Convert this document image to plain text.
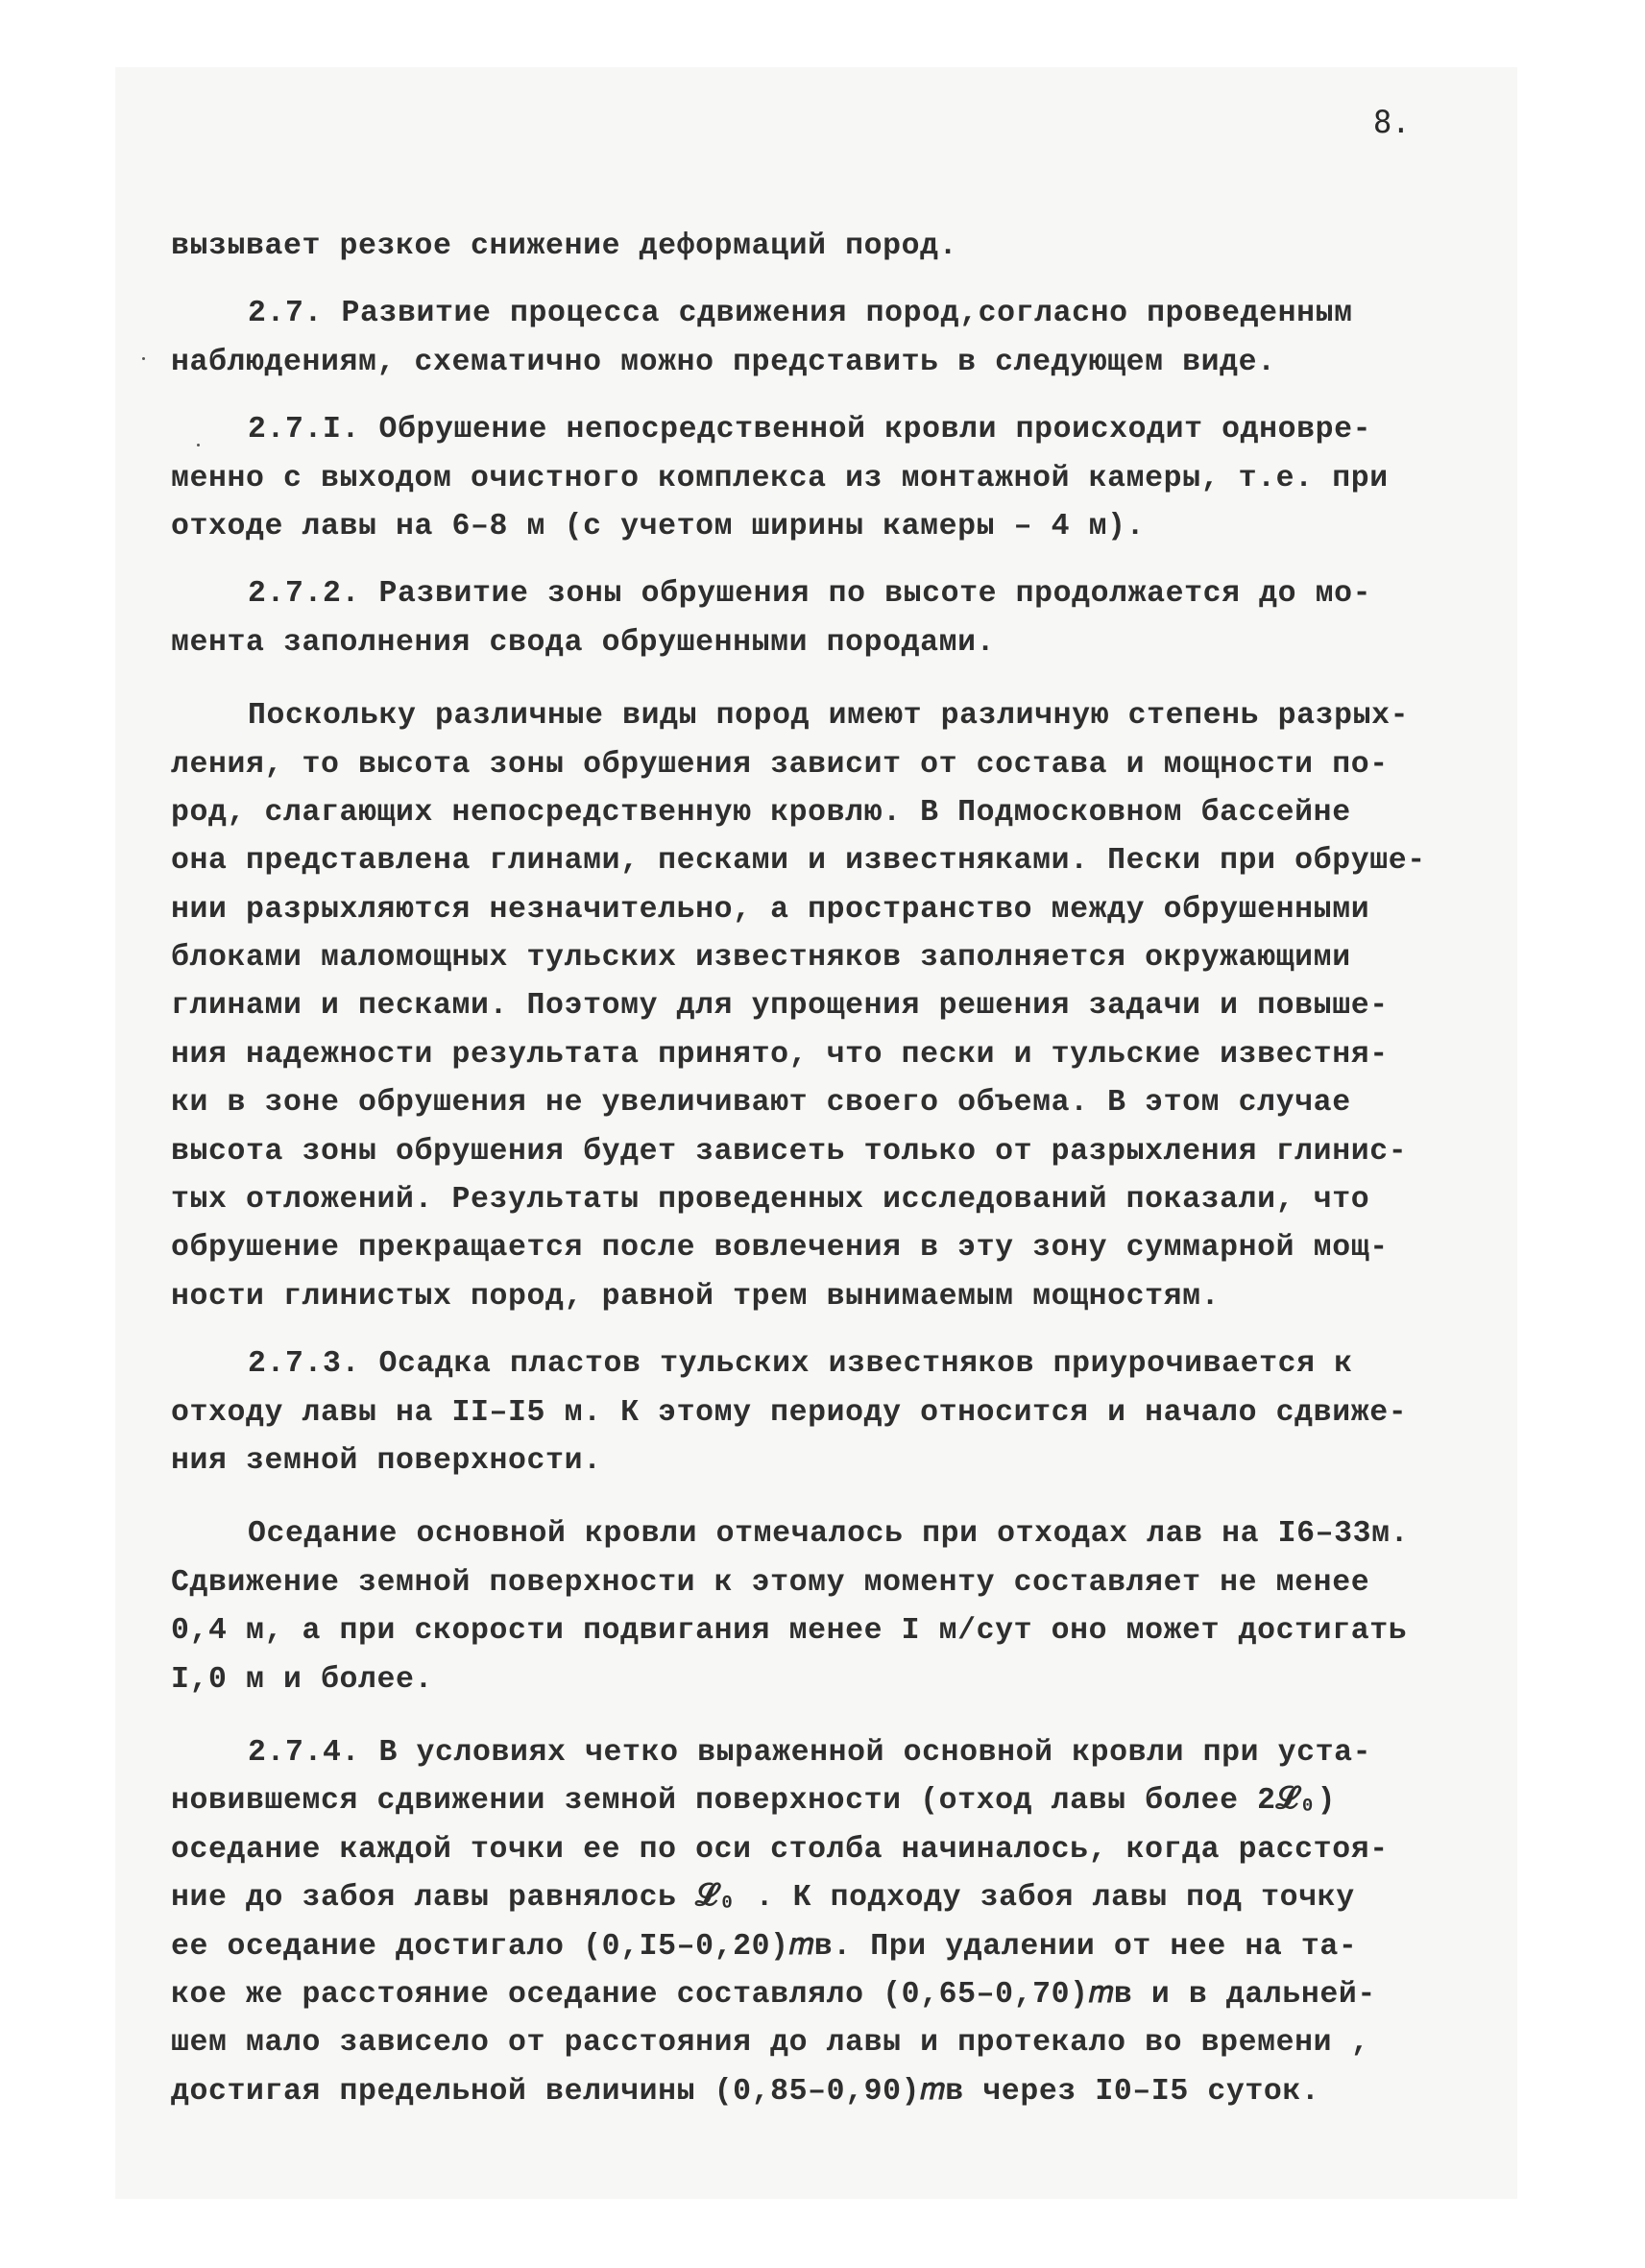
8.
вызывает резкое снижение деформаций пород.
2.7. Развитие процесса сдвижения пород,согласно проведенным
наблюдениям, схематично можно представить в следующем виде.
2.7.I. Обрушение непосредственной кровли происходит одновре-
менно с выходом очистного комплекса из монтажной камеры, т.е. при
отходе лавы на 6–8 м (с учетом ширины камеры – 4 м).
2.7.2. Развитие зоны обрушения по высоте продолжается до мо-
мента заполнения свода обрушенными породами.
Поскольку различные виды пород имеют различную степень разрых-
ления, то высота зоны обрушения зависит от состава и мощности по-
род, слагающих непосредственную кровлю. В Подмосковном бассейне
она представлена глинами, песками и известняками. Пески при обруше-
нии разрыхляются незначительно, а пространство между обрушенными
блоками маломощных тульских известняков заполняется окружающими
глинами и песками. Поэтому для упрощения решения задачи и повыше-
ния надежности результата принято, что пески и тульские известня-
ки в зоне обрушения не увеличивают своего объема. В этом случае
высота зоны обрушения будет зависеть только от разрыхления глинис-
тых отложений. Результаты проведенных исследований показали, что
обрушение прекращается после вовлечения в эту зону суммарной мощ-
ности глинистых пород, равной трем вынимаемым мощностям.
2.7.3. Осадка пластов тульских известняков приурочивается к
отходу лавы на II–I5 м. К этому периоду относится и начало сдвиже-
ния земной поверхности.
Оседание основной кровли отмечалось при отходах лав на I6–33м.
Сдвижение земной поверхности к этому моменту составляет не менее
0,4 м, а при скорости подвигания менее I м/сут оно может достигать
I,0 м и более.
2.7.4. В условиях четко выраженной основной кровли при уста-
новившемся сдвижении земной поверхности (отход лавы более 2𝓛₀)
оседание каждой точки ее по оси столба начиналось, когда расстоя-
ние до забоя лавы равнялось 𝓛₀ . К подходу забоя лавы под точку
ее оседание достигало (0,I5–0,20)𝑚в. При удалении от нее на та-
кое же расстояние оседание составляло (0,65–0,70)𝑚в и в дальней-
шем мало зависело от расстояния до лавы и протекало во времени ,
достигая предельной величины (0,85–0,90)𝑚в через I0–I5 суток.
